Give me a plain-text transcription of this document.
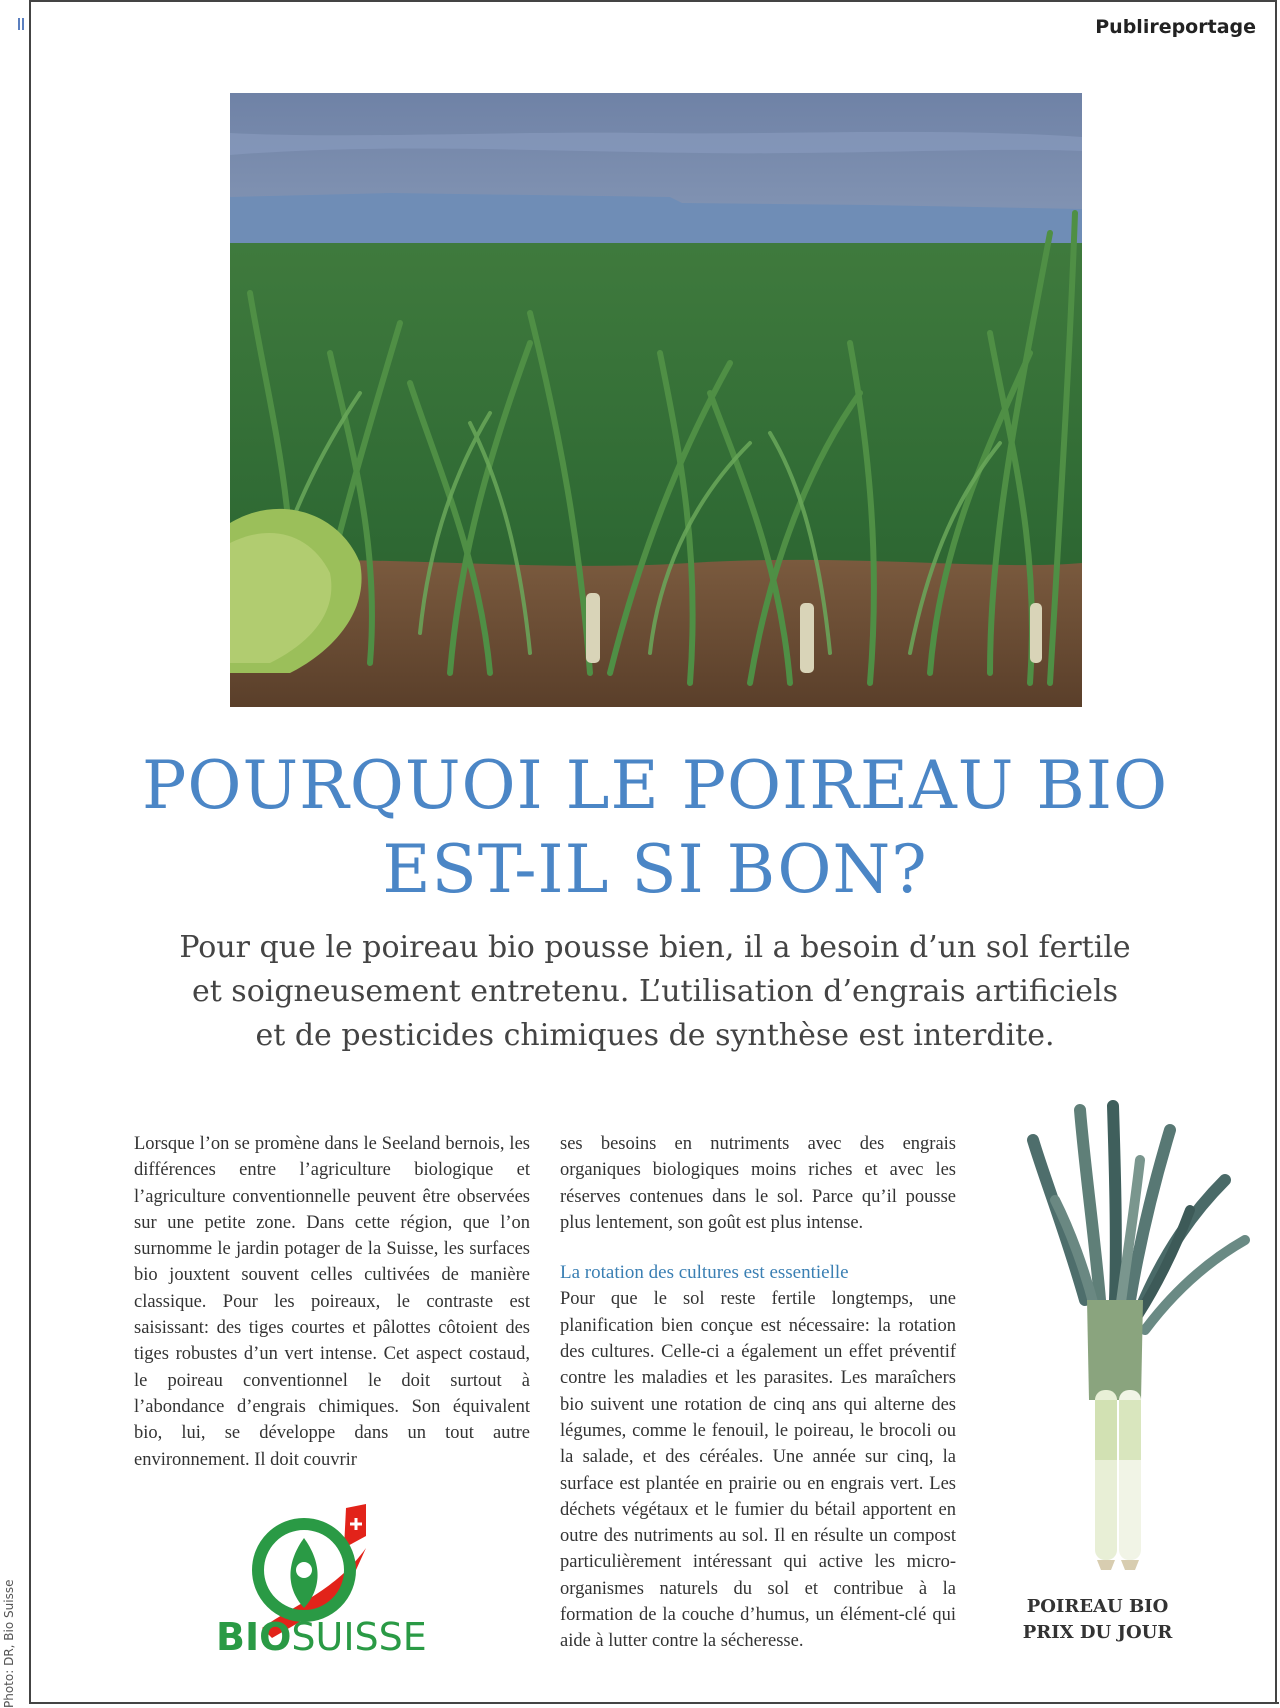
Photo: DR, Bio Suisse
Publireportage
POURQUOI LE POIREAU BIO
EST-IL SI BON?
Pour que le poireau bio pousse bien, il a besoin d’un sol fertile
et soigneusement entretenu. L’utilisation d’engrais artificiels
et de pesticides chimiques de synthèse est interdite.

Lorsque l’on se promène dans le Seeland bernois, les différences entre l’agriculture biologique et l’agriculture conventionnelle peuvent être observées sur une petite zone. Dans cette région, que l’on surnomme le jardin potager de la Suisse, les surfaces bio jouxtent souvent celles cultivées de manière classique. Pour les poireaux, le contraste est saisissant: des tiges courtes et pâlottes côtoient des tiges robustes d’un vert intense. Cet aspect costaud, le poireau conventionnel le doit surtout à l’abondance d’engrais chimiques. Son équivalent bio, lui, se développe dans un tout autre environnement. Il doit couvrir

ses besoins en nutriments avec des engrais organiques biologiques moins riches et avec les réserves contenues dans le sol. Parce qu’il pousse plus lentement, son goût est plus intense.

La rotation des cultures est essentielle

Pour que le sol reste fertile longtemps, une planification bien conçue est nécessaire: la rotation des cultures. Celle-ci a également un effet préventif contre les maladies et les parasites. Les maraîchers bio suivent une rotation de cinq ans qui alterne des légumes, comme le fenouil, le poireau, le brocoli ou la salade, et des céréales. Une année sur cinq, la surface est plantée en prairie ou en engrais vert. Les déchets végétaux et le fumier du bétail apportent en outre des nutriments au sol. Il en résulte un compost particulièrement intéressant qui active les micro-organismes naturels du sol et contribue à la formation de la couche d’humus, un élément-clé qui aide à lutter contre la sécheresse.

BIOSUISSE
POIREAU BIO
PRIX DU JOUR
